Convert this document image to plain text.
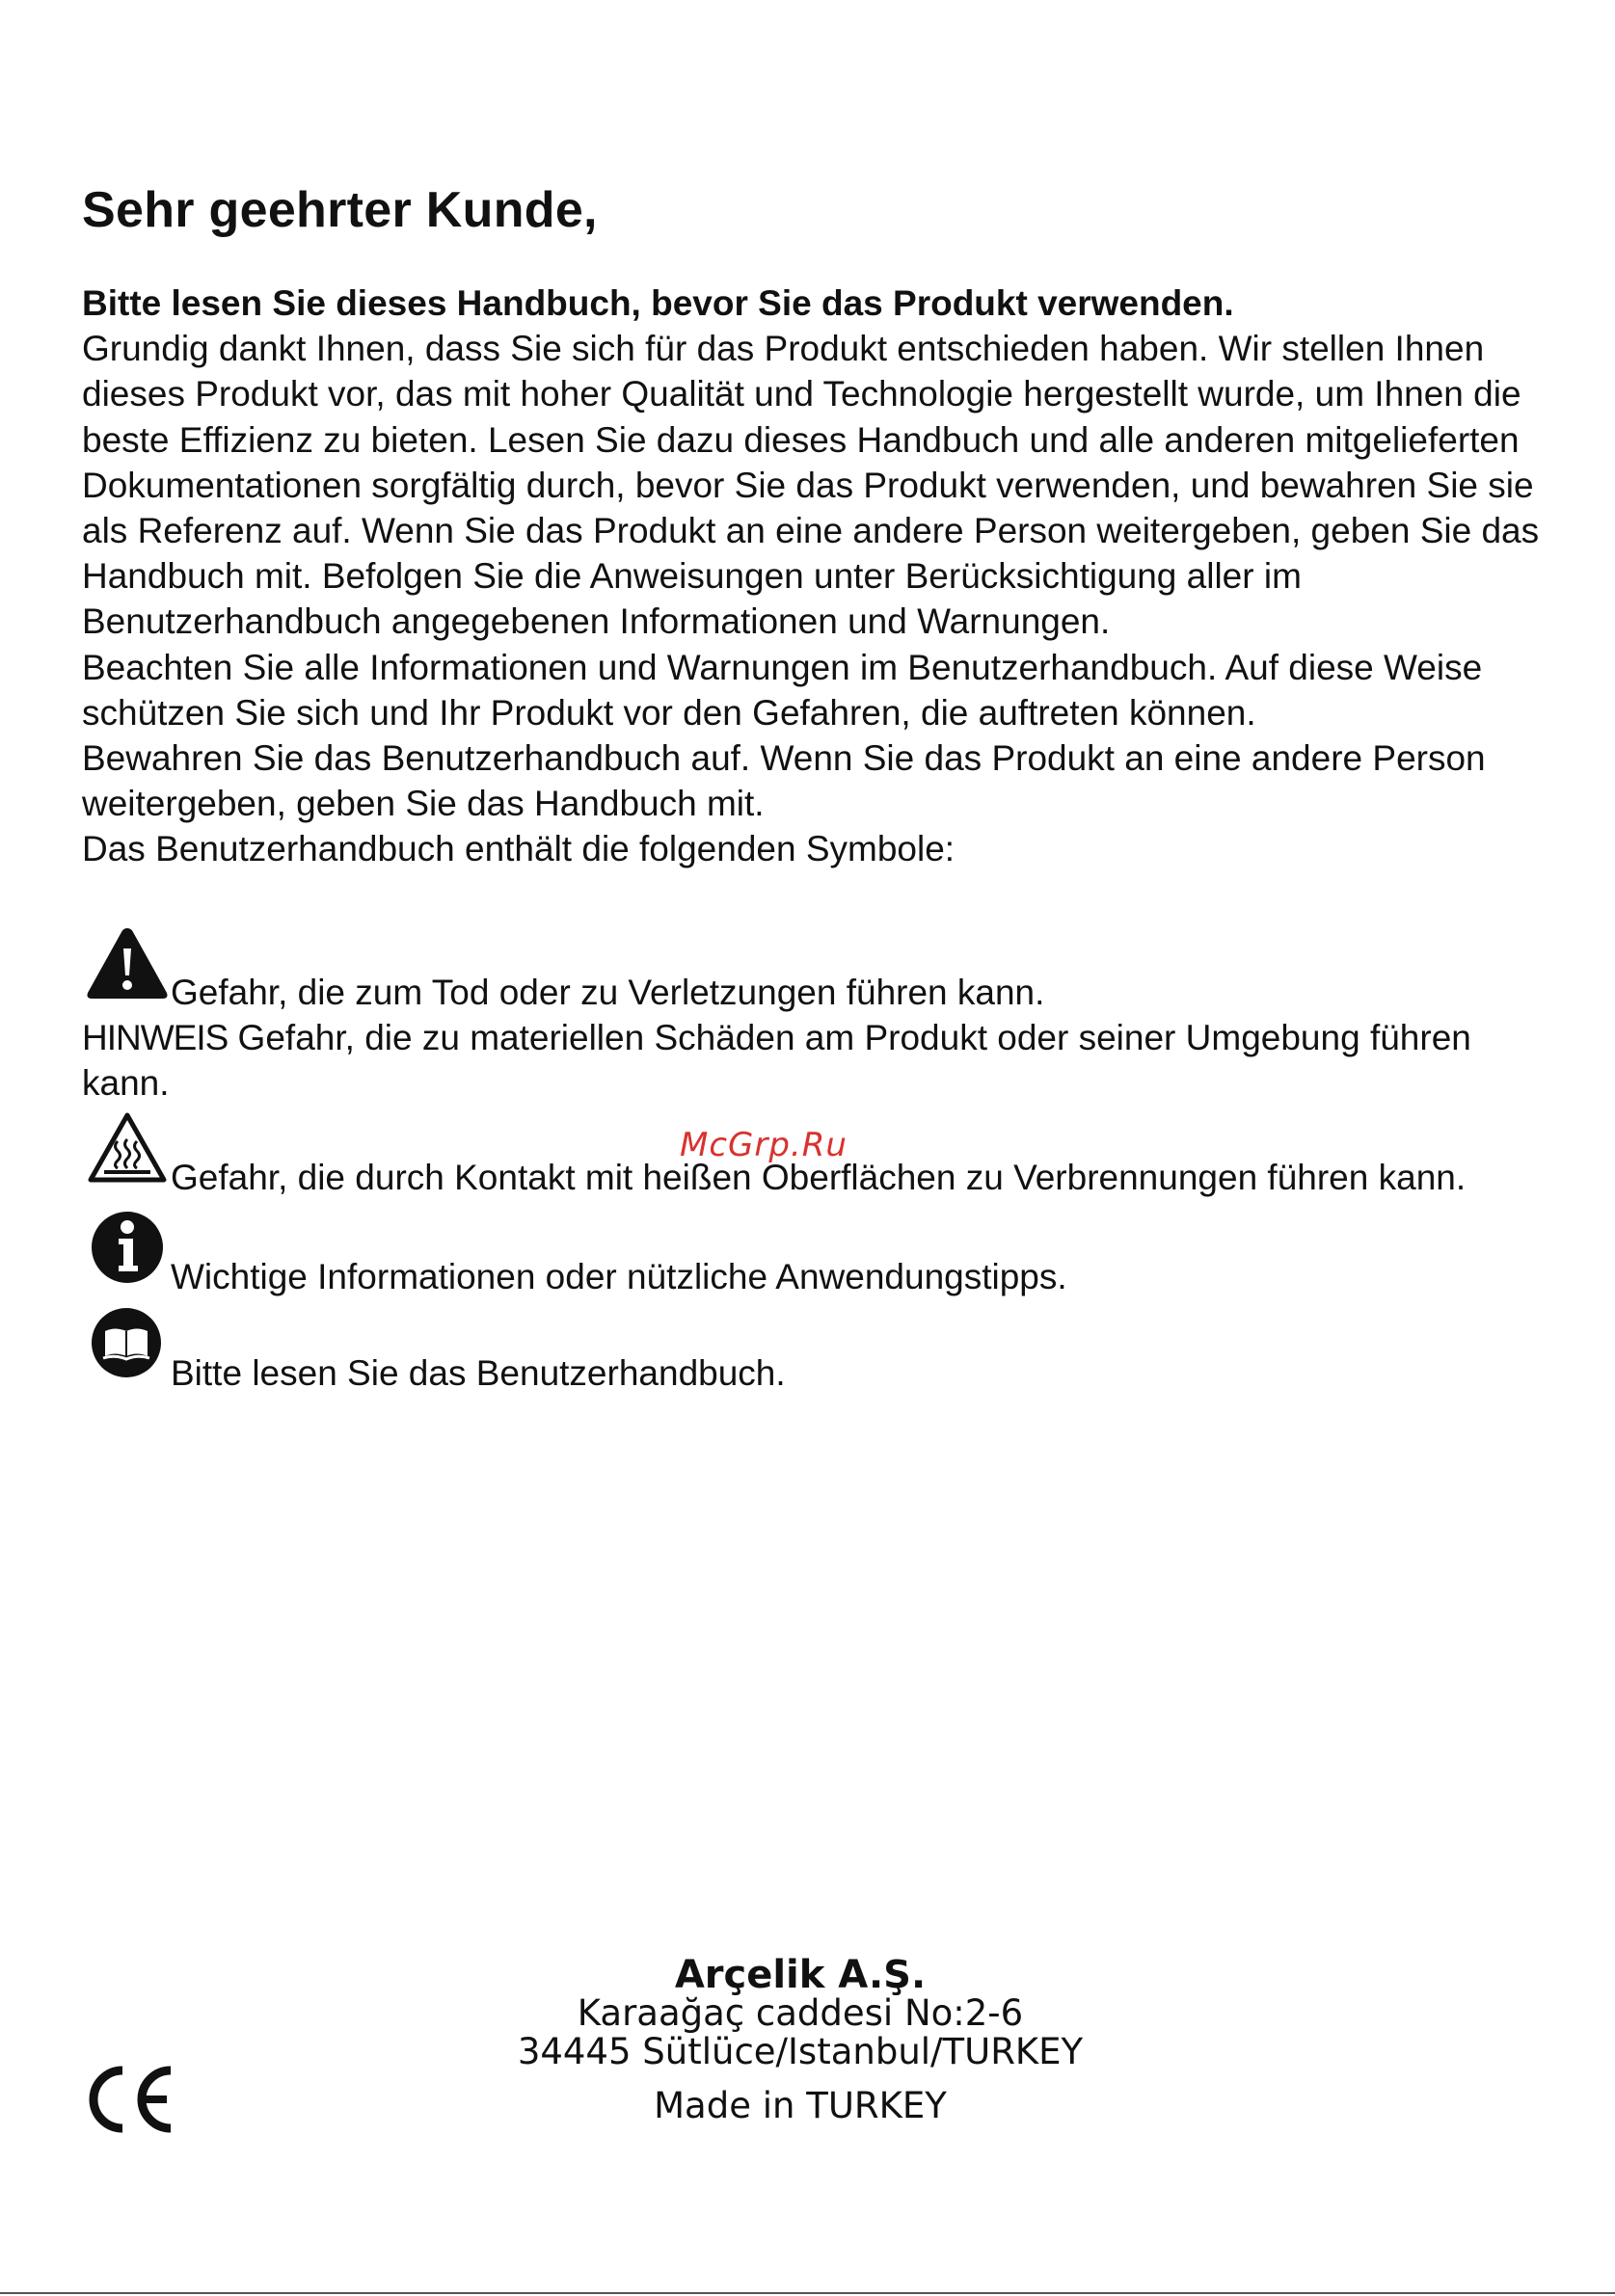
Sehr geehrter Kunde,
Bitte lesen Sie dieses Handbuch, bevor Sie das Produkt verwenden.
Grundig dankt Ihnen, dass Sie sich für das Produkt entschieden haben. Wir stellen Ihnen dieses Produkt vor, das mit hoher Qualität und Technologie hergestellt wurde, um Ihnen die beste Effizienz zu bieten. Lesen Sie dazu dieses Handbuch und alle anderen mitgelieferten Dokumentationen sorgfältig durch, bevor Sie das Produkt verwenden, und bewahren Sie sie als Referenz auf. Wenn Sie das Produkt an eine andere Person weitergeben, geben Sie das Handbuch mit. Befolgen Sie die Anweisungen unter Berücksichtigung aller im Benutzerhandbuch angegebenen Informationen und Warnungen.
Beachten Sie alle Informationen und Warnungen im Benutzerhandbuch. Auf diese Weise schützen Sie sich und Ihr Produkt vor den Gefahren, die auftreten können.
Bewahren Sie das Benutzerhandbuch auf. Wenn Sie das Produkt an eine andere Person weitergeben, geben Sie das Handbuch mit.
Das Benutzerhandbuch enthält die folgenden Symbole:
Gefahr, die zum Tod oder zu Verletzungen führen kann.
HINWEIS Gefahr, die zu materiellen Schäden am Produkt oder seiner Umgebung führen kann.
Gefahr, die durch Kontakt mit heißen Oberflächen zu Verbrennungen führen kann.
Wichtige Informationen oder nützliche Anwendungstipps.
Bitte lesen Sie das Benutzerhandbuch.
McGrp.Ru
Arçelik A.Ş.
Karaağaç caddesi No:2-6
34445 Sütlüce/Istanbul/TURKEY
Made in TURKEY
